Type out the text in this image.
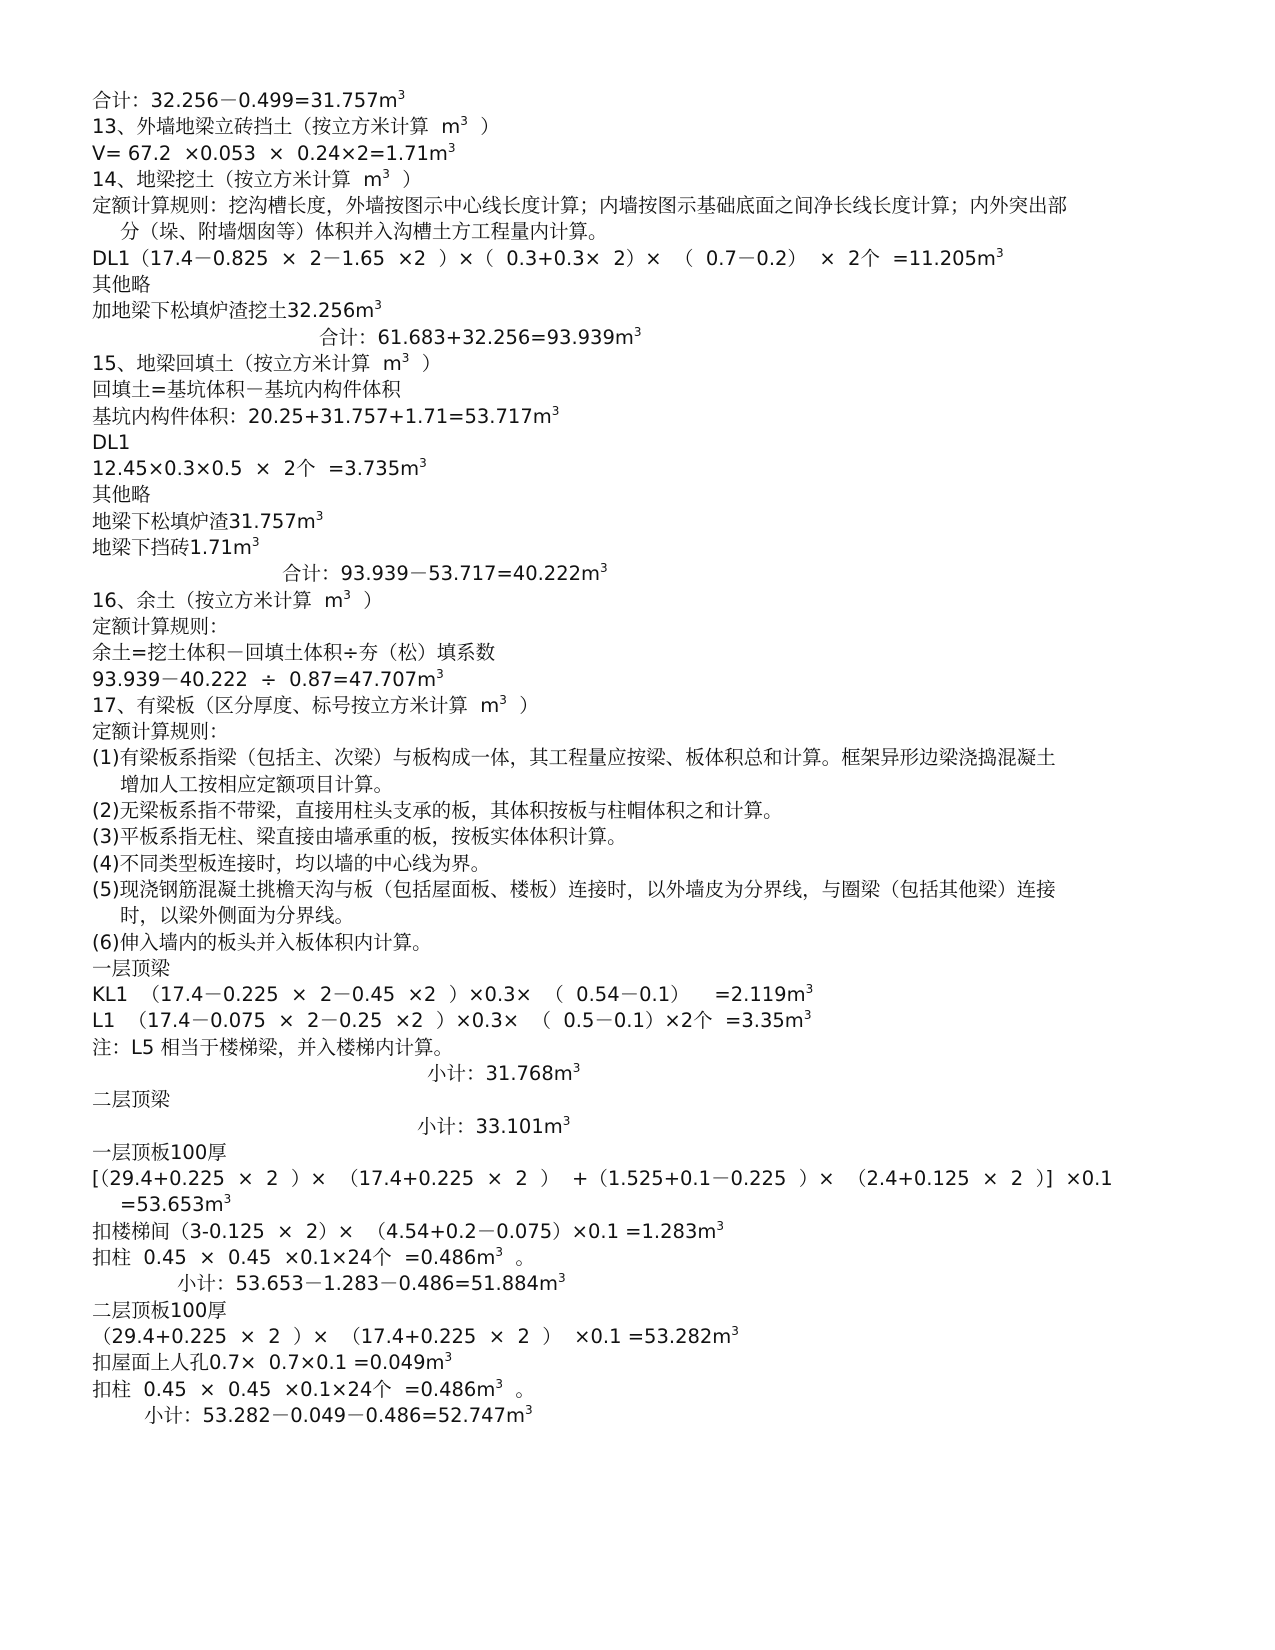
合计：$32.256-0.499=31.757m^3$
13、外墙地梁立砖挡土（按立方米计算  $m^3$  ）
$V= 67.2 \times 0.053 \times 0.24\times 2=1.71m^3$
14、地梁挖土（按立方米计算  $m^3$  ）
定额计算规则：挖沟槽长度，外墙按图示中心线长度计算；内墙按图示基础底面之间净长线长度计算；内外突出部
分（垛、附墙烟囱等）体积并入沟槽土方工程量内计算。
DL1（17.4－0.825  ×  2－1.65  ×2  ）×（  0.3+0.3×  2）×  （  0.7－0.2）  ×  2个  $=11.205m^3$
其他略
加地梁下松填炉渣挖土$32.256m^3$
合计：$61.683+32.256=93.939m^3$
15、地梁回填土（按立方米计算  $m^3$  ）
回填土=基坑体积－基坑内构件体积
基坑内构件体积：$20.25+31.757+1.71=53.717m^3$
DL1
12.45×0.3×0.5  ×  2个  $=3.735m^3$
其他略
地梁下松填炉渣$31.757m^3$
地梁下挡砖$1.71m^3$
合计：$93.939-53.717=40.222m^3$
16、余土（按立方米计算  $m^3$  ）
定额计算规则：
余土=挖土体积－回填土体积÷夯（松）填系数
$93.939-40.222 \div 0.87=47.707m^3$
17、有梁板（区分厚度、标号按立方米计算  $m^3$  ）
定额计算规则：
(1)有梁板系指梁（包括主、次梁）与板构成一体，其工程量应按梁、板体积总和计算。框架异形边梁浇捣混凝土
增加人工按相应定额项目计算。
(2)无梁板系指不带梁，直接用柱头支承的板，其体积按板与柱帽体积之和计算。
(3)平板系指无柱、梁直接由墙承重的板，按板实体体积计算。
(4)不同类型板连接时，均以墙的中心线为界。
(5)现浇钢筋混凝土挑檐天沟与板（包括屋面板、楼板）连接时，以外墙皮为分界线，与圈梁（包括其他梁）连接
时，以梁外侧面为分界线。
(6)伸入墙内的板头并入板体积内计算。
一层顶梁
KL1  （17.4－0.225  ×  2－0.45  ×2  ）×0.3×  （  0.54－0.1）    $=2.119m^3$
L1  （17.4－0.075  ×  2－0.25  ×2  ）×0.3×  （  0.5－0.1）×2个  $=3.35m^3$
注：L5 相当于楼梯梁，并入楼梯内计算。
小计：$31.768m^3$
二层顶梁
小计：$33.101m^3$
一层顶板100厚
[（29.4+0.225  ×  2  ）×  （17.4+0.225  ×  2  ）  +（1.525+0.1－0.225  ）×  （2.4+0.125  ×  2  ）]  ×0.1
$=53.653m^3$
扣楼梯间$(3-0.125 \times 2)\times (4.54+0.2-0.075)\times 0.1 =1.283m^3$
扣柱  0.45  ×  0.45  ×0.1×24个  $=0.486m^3$  。
小计：$53.653-1.283-0.486=51.884m^3$
二层顶板100厚
（29.4+0.225  ×  2  ）×  （17.4+0.225  ×  2  ）  $\times 0.1 =53.282m^3$
扣屋面上人孔$0.7\times 0.7\times 0.1 =0.049m^3$
扣柱  0.45  ×  0.45  ×0.1×24个  $=0.486m^3$  。
小计：$53.282-0.049-0.486=52.747m^3$
